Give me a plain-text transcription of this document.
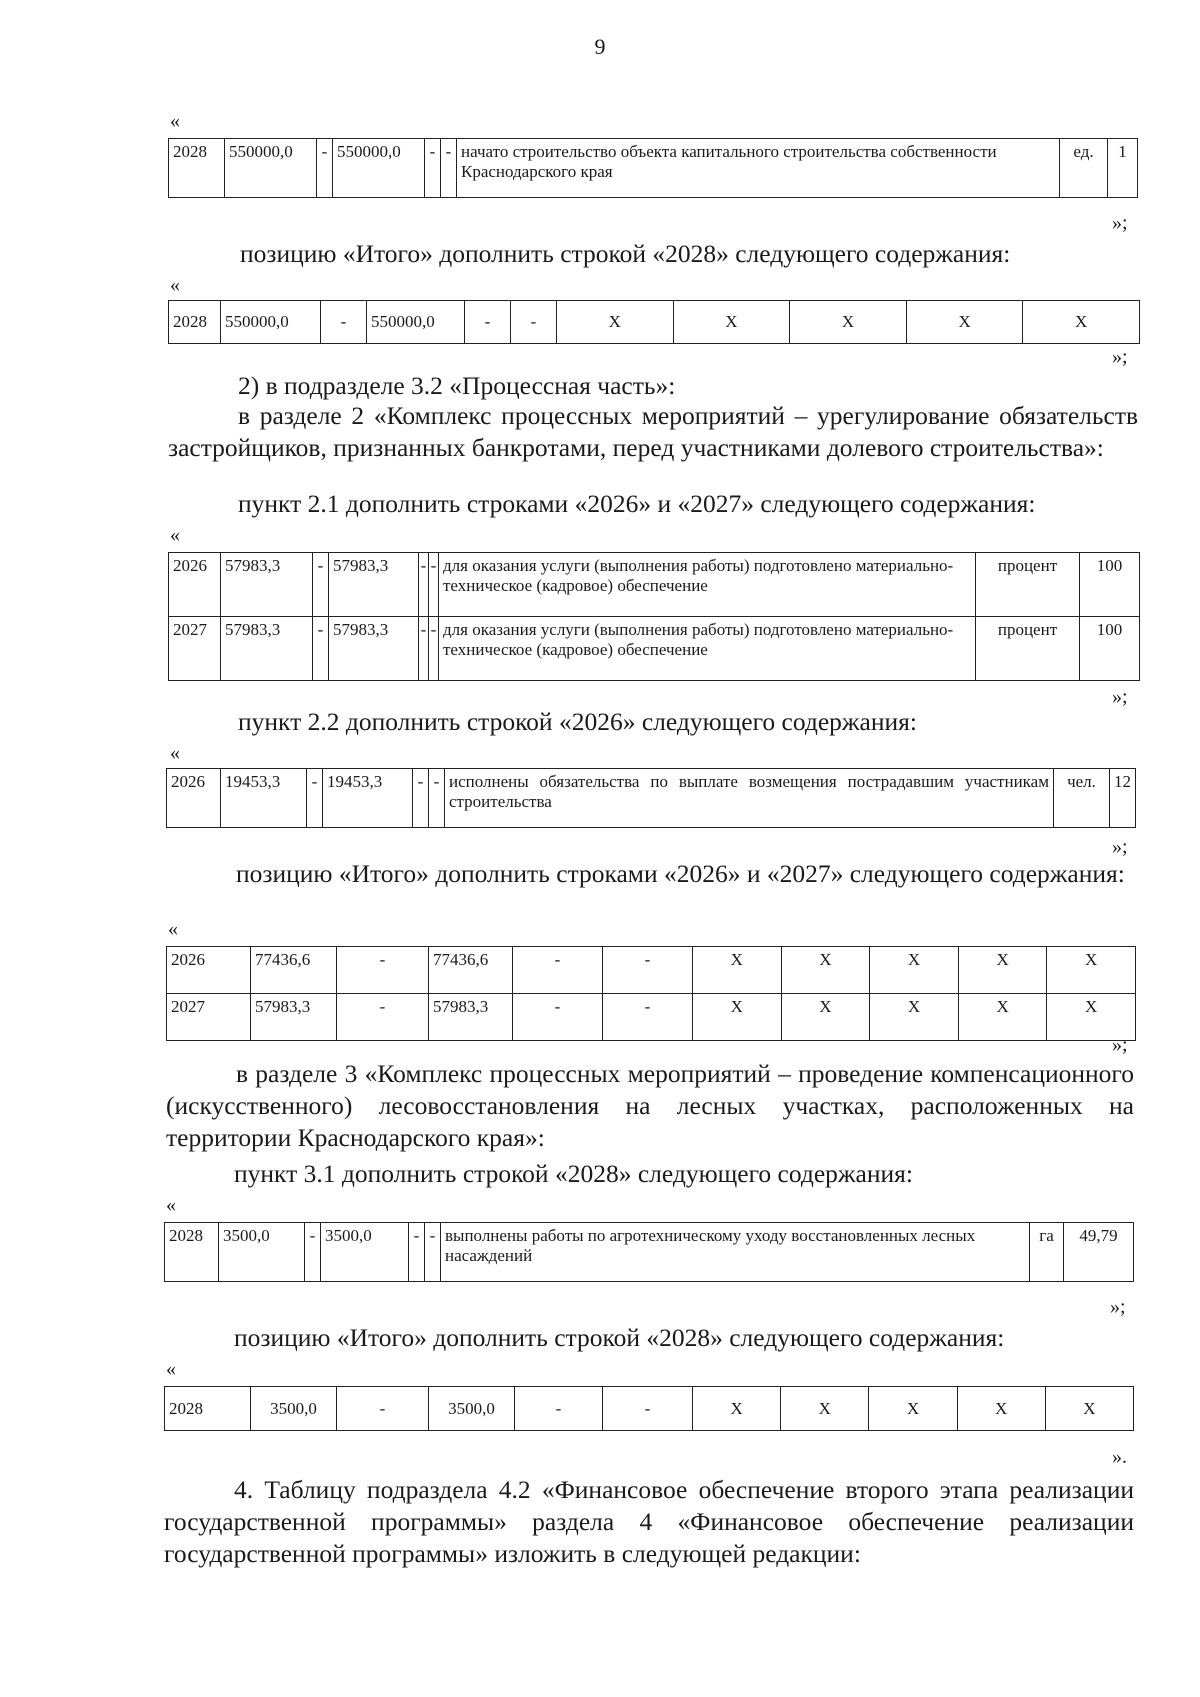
9
«
2028	550000,0	-	550000,0	-	-	начато строительство объекта капитального строительства собственности Краснодарского края	ед.	1
»;
позицию «Итого» дополнить строкой «2028» следующего содержания:
«
2028	550000,0	-	550000,0	-	-	X	X	X	X	X
»;
2) в подразделе 3.2 «Процессная часть»:
в разделе 2 «Комплекс процессных мероприятий – урегулирование обязательств застройщиков, признанных банкротами, перед участниками долевого строительства»:
пункт 2.1 дополнить строками «2026» и «2027» следующего содержания:
«
2026	57983,3	-	57983,3	-	-	для оказания услуги (выполнения работы) подготовлено материально-техническое (кадровое) обеспечение	процент	100
2027	57983,3	-	57983,3	-	-	для оказания услуги (выполнения работы) подготовлено материально-техническое (кадровое) обеспечение	процент	100
»;
пункт 2.2 дополнить строкой «2026» следующего содержания:
«
2026	19453,3	-	19453,3	-	-	исполнены обязательства по выплате возмещения пострадавшим участникам строительства	чел.	12
»;
позицию «Итого» дополнить строками «2026» и «2027» следующего содержания:
«
2026	77436,6	-	77436,6	-	-	X	X	X	X	X
2027	57983,3	-	57983,3	-	-	X	X	X	X	X
»;
в разделе 3 «Комплекс процессных мероприятий – проведение компенсационного (искусственного) лесовосстановления на лесных участках, расположенных на территории Краснодарского края»:
пункт 3.1 дополнить строкой «2028» следующего содержания:
«
2028	3500,0	-	3500,0	-	-	выполнены работы по агротехническому уходу восстановленных лесных насаждений	га	49,79
»;
позицию «Итого» дополнить строкой «2028» следующего содержания:
«
2028	3500,0	-	3500,0	-	-	X	X	X	X	X
».
4. Таблицу подраздела 4.2 «Финансовое обеспечение второго этапа реализации государственной программы» раздела 4 «Финансовое обеспечение реализации государственной программы» изложить в следующей редакции:
